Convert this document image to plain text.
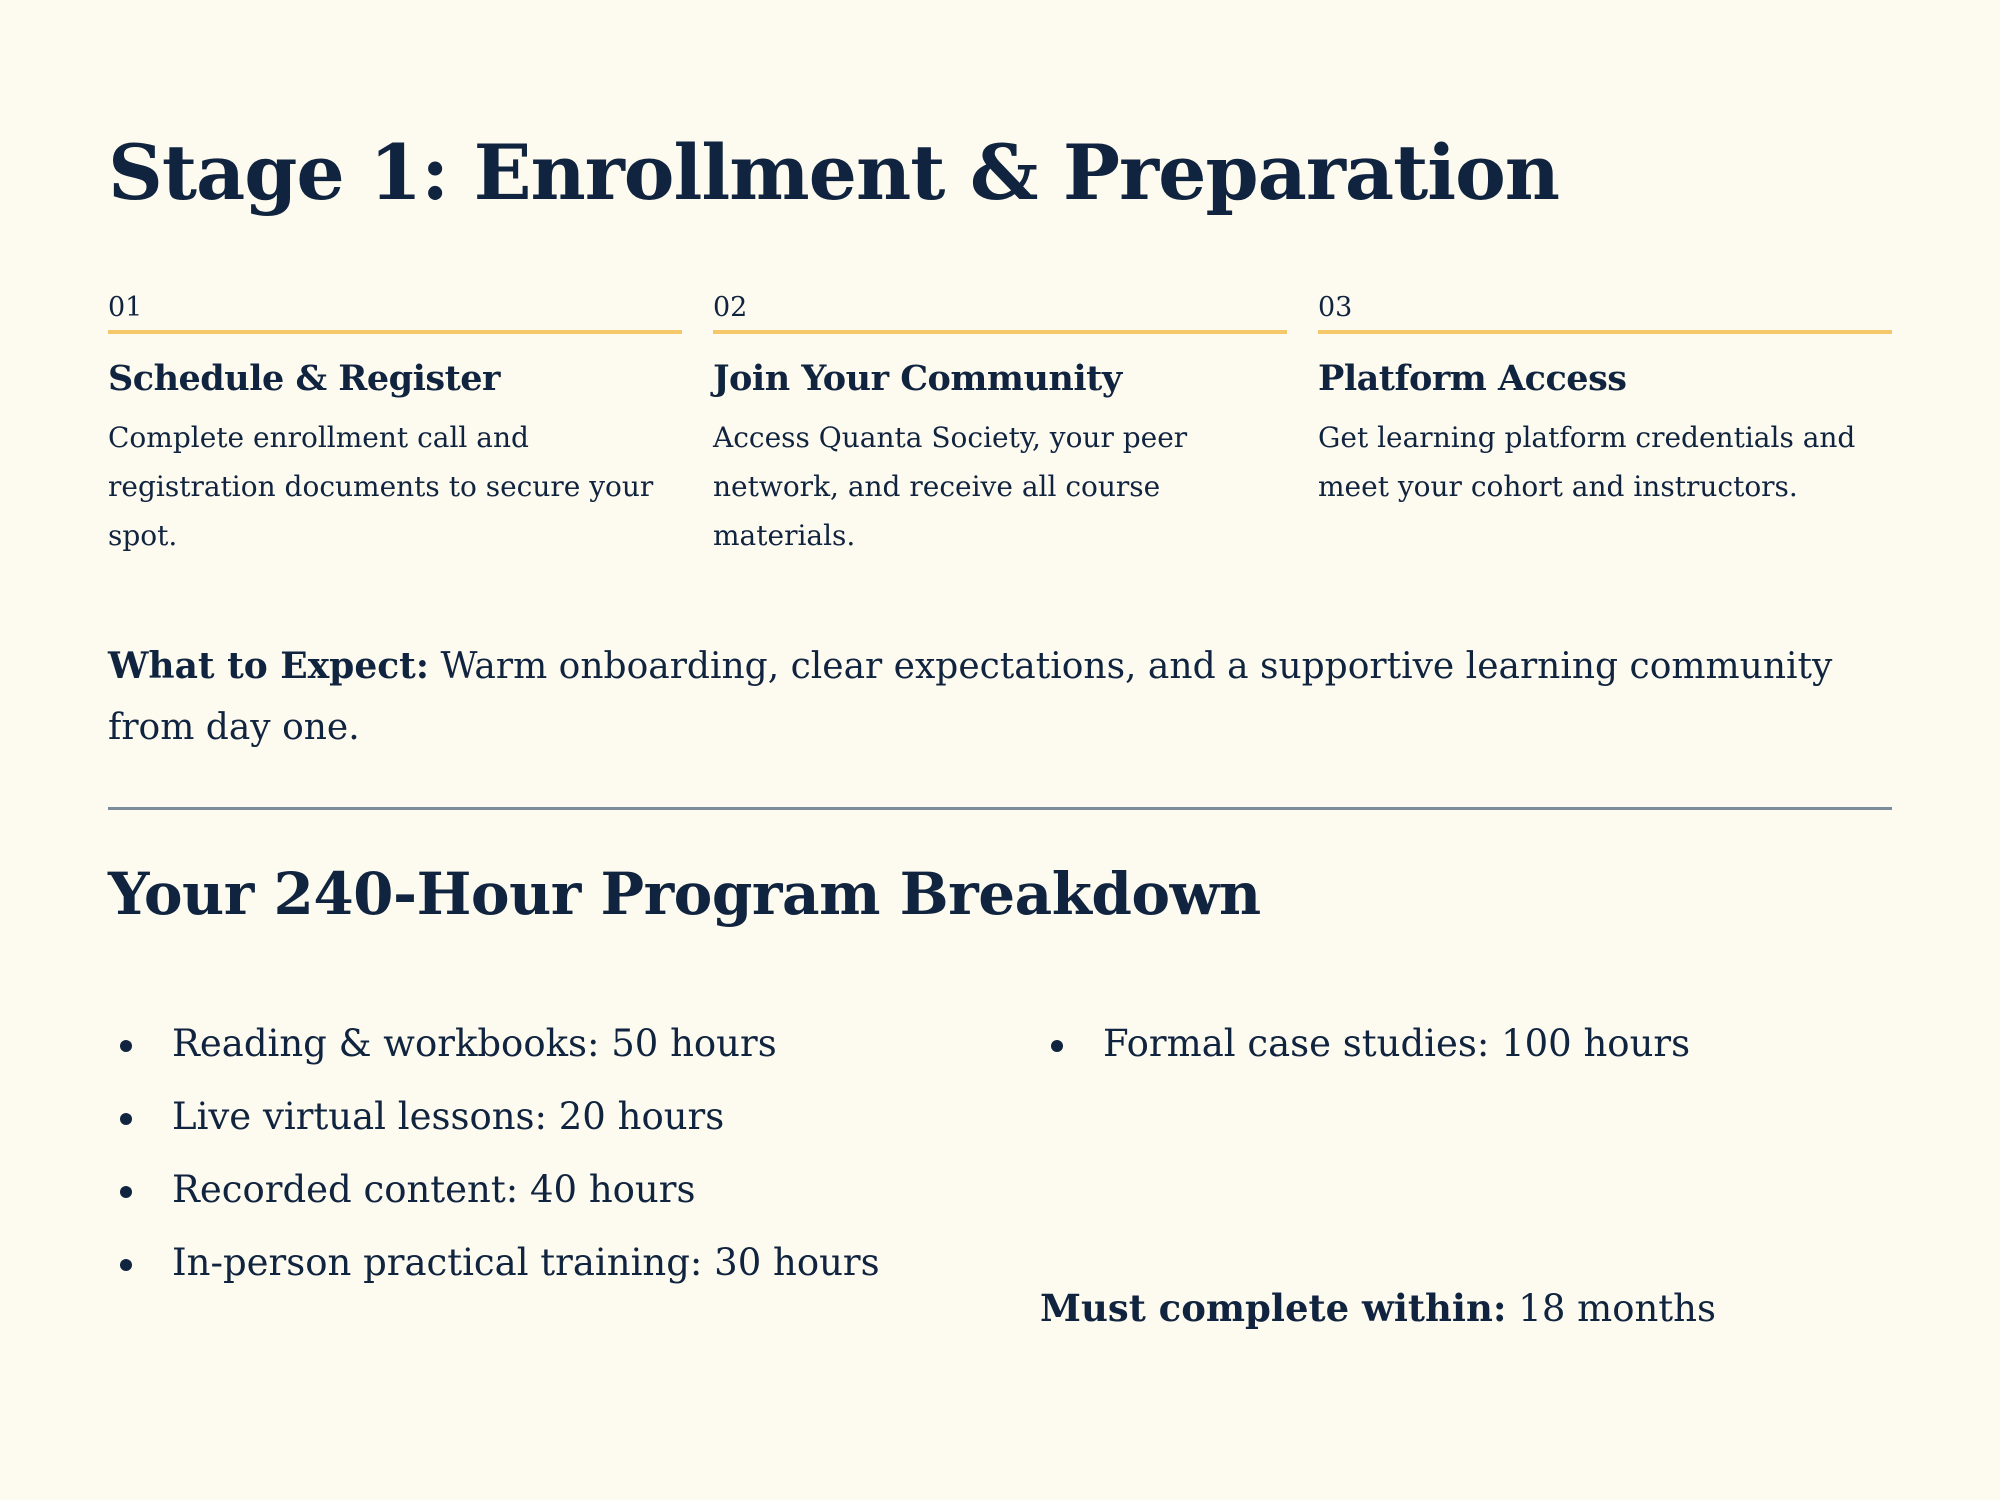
Stage 1: Enrollment & Preparation
01
Schedule & Register

Complete enrollment call and registration documents to secure your spot.

02
Join Your Community

Access Quanta Society, your peer network, and receive all course materials.

03
Platform Access

Get learning platform credentials and meet your cohort and instructors.

What to Expect: Warm onboarding, clear expectations, and a supportive learning community from day one.
Your 240-Hour Program Breakdown
Reading & workbooks: 50 hours
Live virtual lessons: 20 hours
Recorded content: 40 hours
In-person practical training: 30 hours
Formal case studies: 100 hours
Must complete within: 18 months
